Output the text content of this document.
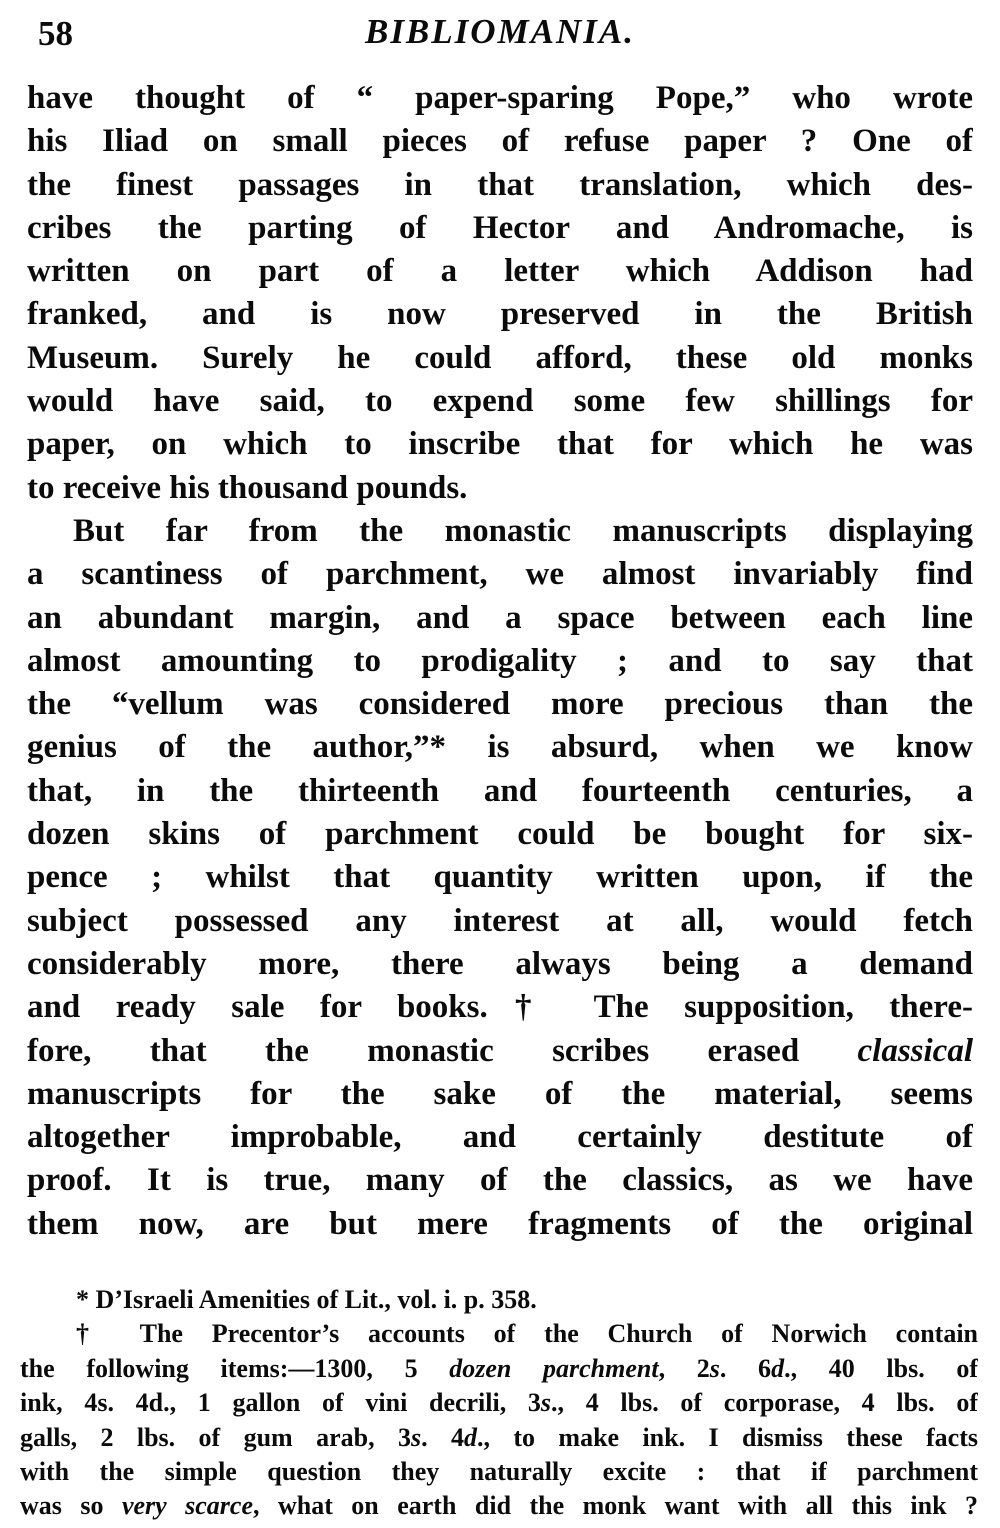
58	BIBLIOMANIA.
have thought of “ paper-sparing Pope,” who wrote
his Iliad on small pieces of refuse paper ? One of
the finest passages in that translation, which des-
cribes the parting of Hector and Andromache, is
written on part of a letter which Addison had
franked, and is now preserved in the British
Museum. Surely he could afford, these old monks
would have said, to expend some few shillings for
paper, on which to inscribe that for which he was
to receive his thousand pounds.
But far from the monastic manuscripts displaying
a scantiness of parchment, we almost invariably find
an abundant margin, and a space between each line
almost amounting to prodigality ; and to say that
the “vellum was considered more precious than the
genius of the author,”* is absurd, when we know
that, in the thirteenth and fourteenth centuries, a
dozen skins of parchment could be bought for six-
pence ; whilst that quantity written upon, if the
subject possessed any interest at all, would fetch
considerably more, there always being a demand
and ready sale for books.† The supposition, there-
fore, that the monastic scribes erased classical
manuscripts for the sake of the material, seems
altogether improbable, and certainly destitute of
proof. It is true, many of the classics, as we have
them now, are but mere fragments of the original
* D’Israeli Amenities of Lit., vol. i. p. 358.
† The Precentor’s accounts of the Church of Norwich contain
the following items:—1300, 5 dozen parchment, 2s. 6d., 40 lbs. of
ink, 4s. 4d., 1 gallon of vini decrili, 3s., 4 lbs. of corporase, 4 lbs. of
galls, 2 lbs. of gum arab, 3s. 4d., to make ink. I dismiss these facts
with the simple question they naturally excite : that if parchment
was so very scarce, what on earth did the monk want with all this ink ?
